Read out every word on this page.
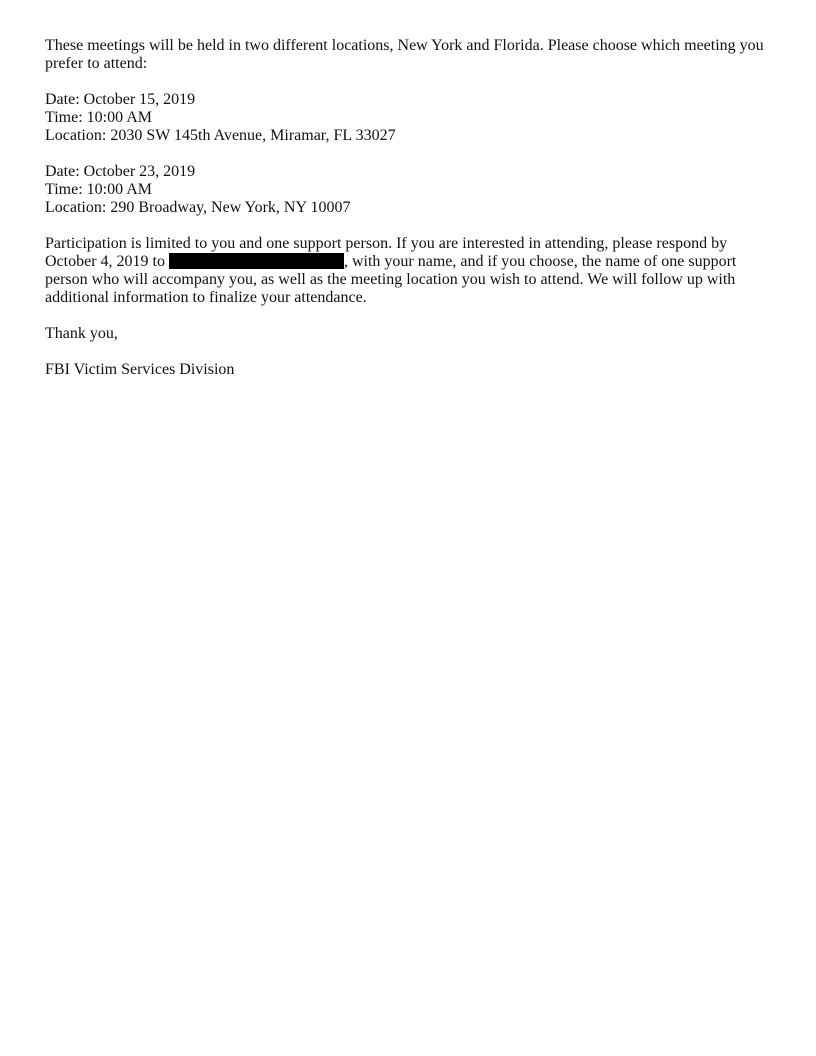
These meetings will be held in two different locations, New York and Florida. Please choose which meeting you prefer to attend:

Date: October 15, 2019
Time: 10:00 AM
Location: 2030 SW 145th Avenue, Miramar, FL 33027

Date: October 23, 2019
Time: 10:00 AM
Location: 290 Broadway, New York, NY 10007

Participation is limited to you and one support person. If you are interested in attending, please respond by October 4, 2019 to	, with your name, and if you choose, the name of one support person who will accompany you, as well as the meeting location you wish to attend. We will follow up with additional information to finalize your attendance.

Thank you,

FBI Victim Services Division
